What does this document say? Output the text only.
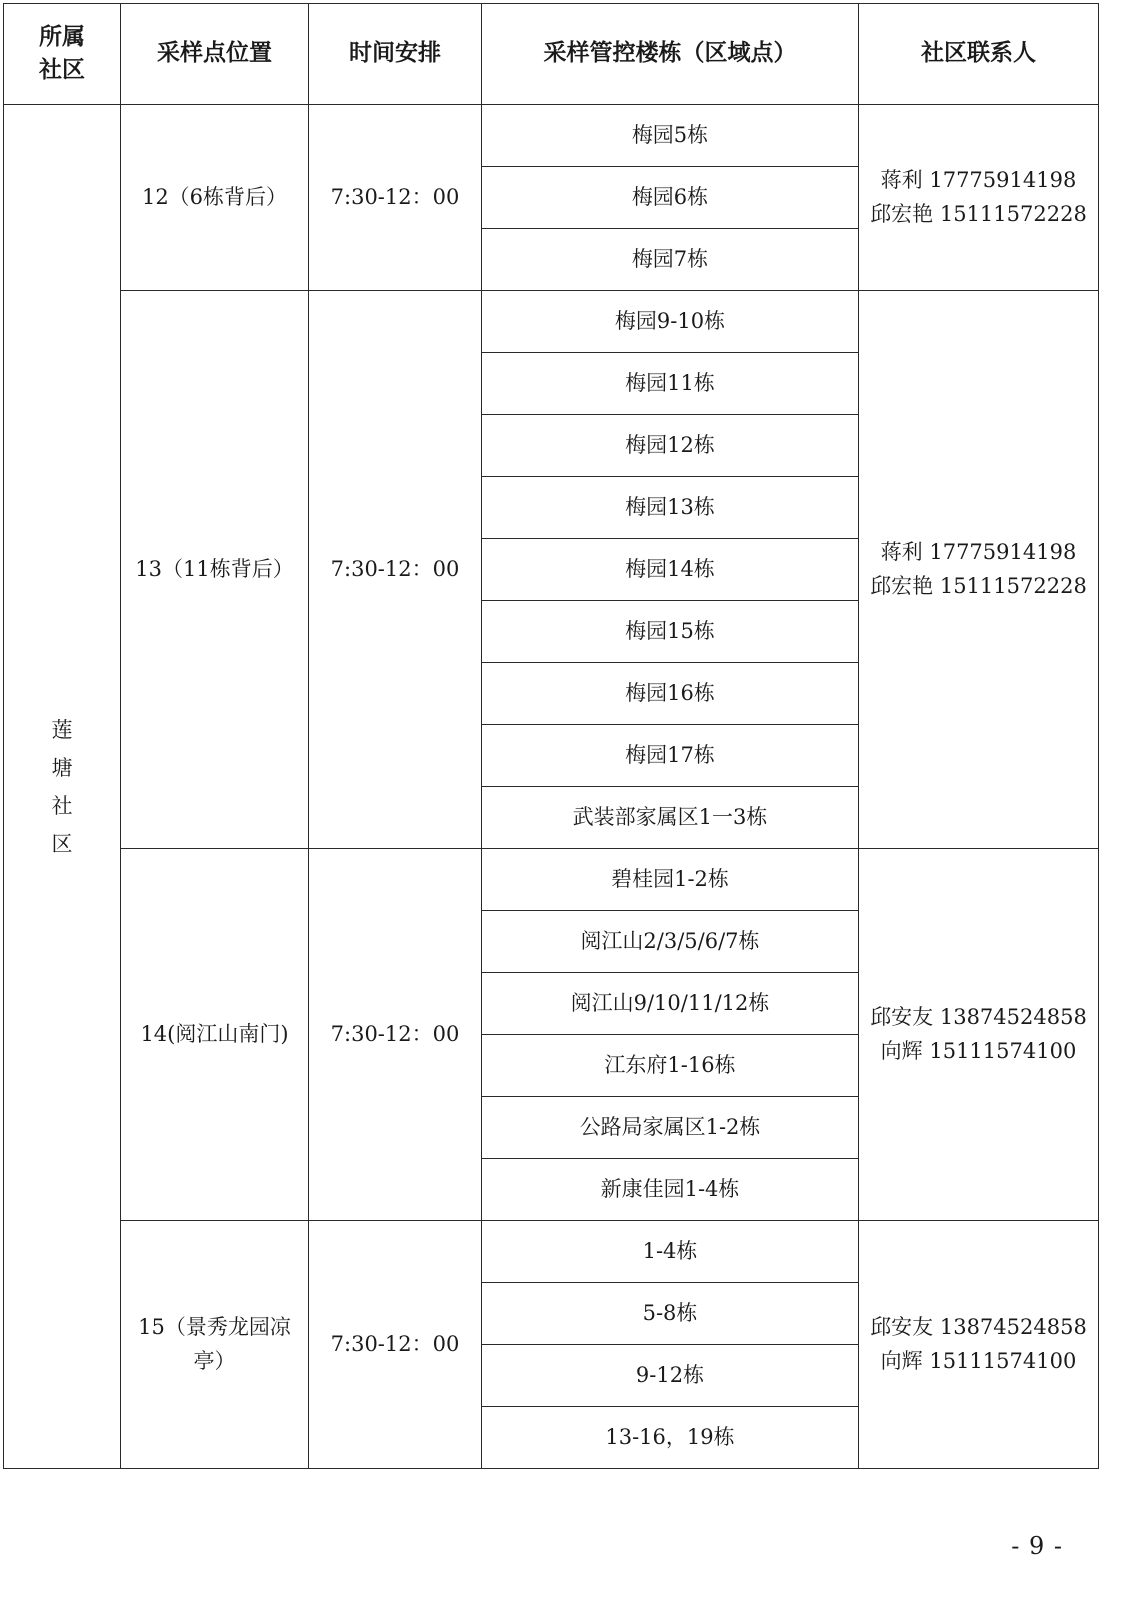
所属
社区	采样点位置	时间安排	采样管控楼栋（区域点）	社区联系人

莲
塘
社
区	12（6栋背后）	7:30-12：00	梅园5栋	蒋利 17775914198
邱宏艳 15111572228

			梅园6栋	
			梅园7栋	
	13（11栋背后）	7:30-12：00	梅园9-10栋	蒋利 17775914198
邱宏艳 15111572228

			梅园11栋	
			梅园12栋	
			梅园13栋	
			梅园14栋	
			梅园15栋	
			梅园16栋	
			梅园17栋	
			武装部家属区1一3栋	
	14(阅江山南门)	7:30-12：00	碧桂园1-2栋	邱安友 13874524858
向辉 15111574100

			阅江山2/3/5/6/7栋	
			阅江山9/10/11/12栋	
			江东府1-16栋	
			公路局家属区1-2栋	
			新康佳园1-4栋	
	15（景秀龙园凉亭）	7:30-12：00	1-4栋	邱安友 13874524858
向辉 15111574100

			5-8栋	
			9-12栋	
			13-16，19栋	
- 9 -
